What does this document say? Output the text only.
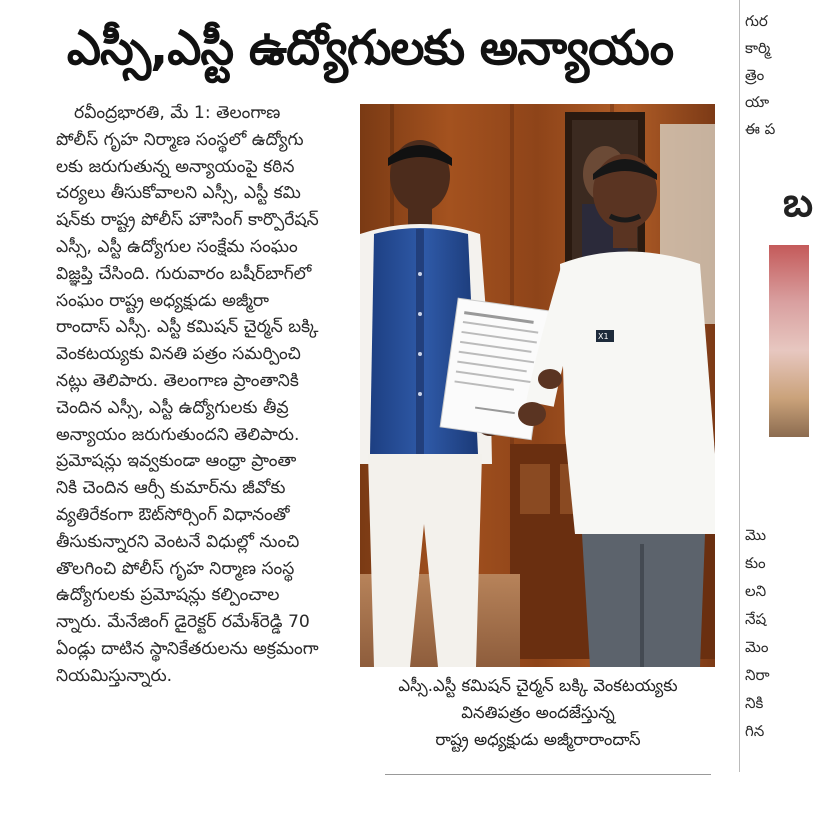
ఎస్సీ,ఎస్టీ ఉద్యోగులకు అన్యాయం
రవీంద్రభారతి, మే 1: తెలంగాణ
పోలీస్ గృహ నిర్మాణ సంస్థలో ఉద్యోగు
లకు జరుగుతున్న అన్యాయంపై కఠిన
చర్యలు తీసుకోవాలని ఎస్సీ, ఎస్టీ కమి
షన్‌కు రాష్ట్ర పోలీస్ హౌసింగ్ కార్పొరేషన్
ఎస్సీ, ఎస్టీ ఉద్యోగుల సంక్షేమ సంఘం
విజ్ఞప్తి చేసింది. గురువారం బషీర్‌బాగ్‌లో
సంఘం రాష్ట్ర అధ్యక్షుడు అజ్మీరా
రాందాస్ ఎస్సీ. ఎస్టీ కమిషన్ చైర్మన్ బక్కి
వెంకటయ్యకు వినతి పత్రం సమర్పించి
నట్లు తెలిపారు. తెలంగాణ ప్రాంతానికి
చెందిన ఎస్సీ, ఎస్టీ ఉద్యోగులకు తీవ్ర
అన్యాయం జరుగుతుందని తెలిపారు.
ప్రమోషన్లు ఇవ్వకుండా ఆంధ్రా ప్రాంతా
నికి చెందిన ఆర్సీ కుమార్‌ను జీవోకు
వ్యతిరేకంగా ఔట్‌సోర్సింగ్ విధానంతో
తీసుకున్నారని వెంటనే విధుల్లో నుంచి
తొలగించి పోలీస్ గృహ నిర్మాణ సంస్థ
ఉద్యోగులకు ప్రమోషన్లు కల్పించాల
న్నారు. మేనేజింగ్ డైరెక్టర్ రమేశ్‌రెడ్డి 70
ఏండ్లు దాటిన స్థానికేతరులను అక్రమంగా
నియమిస్తున్నారు.
X1
ఎస్సీ.ఎస్టీ కమిషన్ చైర్మన్ బక్కి వెంకటయ్యకు
వినతిపత్రం అందజేస్తున్న
రాష్ట్ర అధ్యక్షుడు అజ్మీరారాందాస్
గుర
కార్మి
త్రెం
యా
ఈ ప
బ
మొ
కుం
లని
నేష
మెం
నిరా
నికి
గిన
